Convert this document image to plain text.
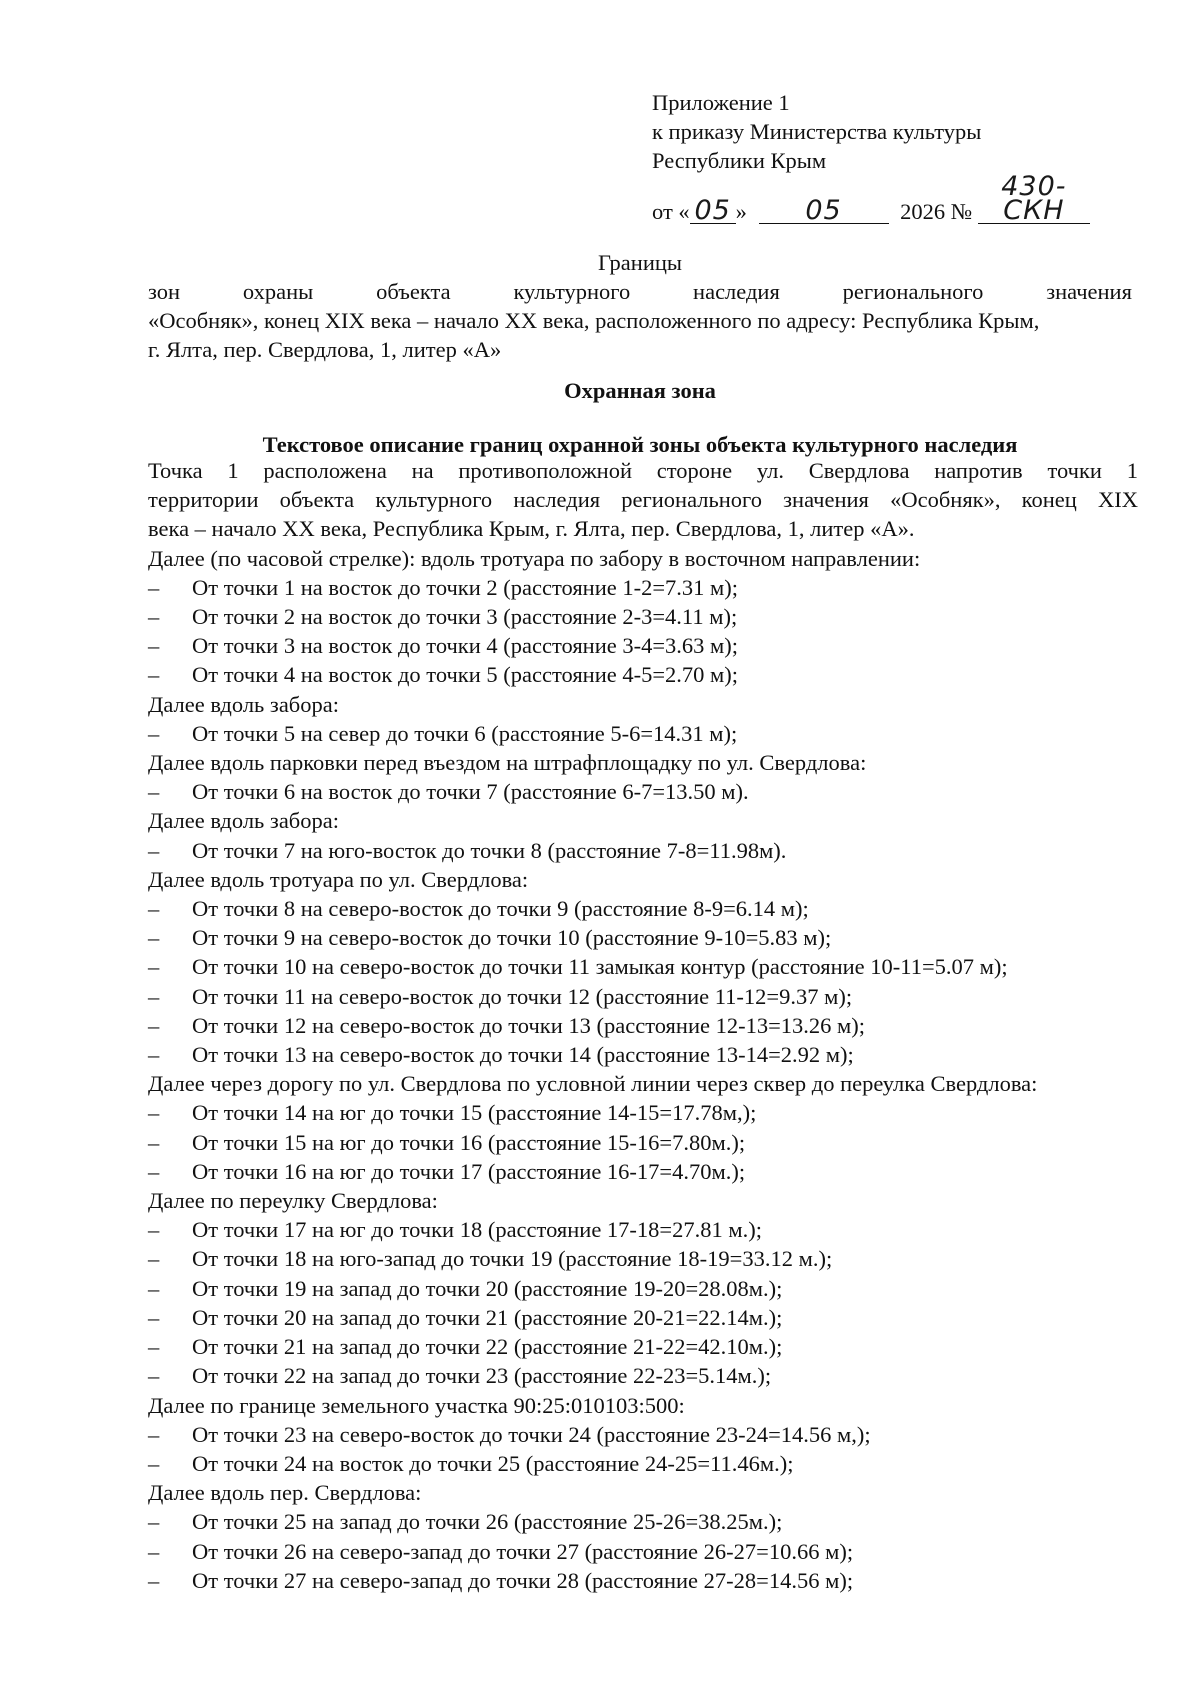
Приложение 1
к приказу Министерства культуры
Республики Крым
от « 05 » 05	2026 № 430-СКН
Границы
зон	охраны	объекта	культурного	наследия	регионального	значения
«Особняк», конец XIX века – начало XX века, расположенного по адресу: Республика Крым,
г. Ялта, пер. Свердлова, 1, литер «А»
Охранная зона
Текстовое описание границ охранной зоны объекта культурного наследия
Точка 1 расположена на противоположной стороне ул. Свердлова напротив точки 1
территории объекта культурного наследия регионального значения «Особняк», конец XIX
века – начало XX века, Республика Крым, г. Ялта, пер. Свердлова, 1, литер «А».
Далее (по часовой стрелке): вдоль тротуара по забору в восточном направлении:
– От точки 1 на восток до точки 2 (расстояние 1-2=7.31 м);
– От точки 2 на восток до точки 3 (расстояние 2-3=4.11 м);
– От точки 3 на восток до точки 4 (расстояние 3-4=3.63 м);
– От точки 4 на восток до точки 5 (расстояние 4-5=2.70 м);
Далее вдоль забора:
– От точки 5 на север до точки 6 (расстояние 5-6=14.31 м);
Далее вдоль парковки перед въездом на штрафплощадку по ул. Свердлова:
– От точки 6 на восток до точки 7 (расстояние 6-7=13.50 м).
Далее вдоль забора:
– От точки 7 на юго-восток до точки 8 (расстояние 7-8=11.98м).
Далее вдоль тротуара по ул. Свердлова:
– От точки 8 на северо-восток до точки 9 (расстояние 8-9=6.14 м);
– От точки 9 на северо-восток до точки 10 (расстояние 9-10=5.83 м);
– От точки 10 на северо-восток до точки 11 замыкая контур (расстояние 10-11=5.07 м);
– От точки 11 на северо-восток до точки 12 (расстояние 11-12=9.37 м);
– От точки 12 на северо-восток до точки 13 (расстояние 12-13=13.26 м);
– От точки 13 на северо-восток до точки 14 (расстояние 13-14=2.92 м);
Далее через дорогу по ул. Свердлова по условной линии через сквер до переулка Свердлова:
– От точки 14 на юг до точки 15 (расстояние 14-15=17.78м,);
– От точки 15 на юг до точки 16 (расстояние 15-16=7.80м.);
– От точки 16 на юг до точки 17 (расстояние 16-17=4.70м.);
Далее по переулку Свердлова:
– От точки 17 на юг до точки 18 (расстояние 17-18=27.81 м.);
– От точки 18 на юго-запад до точки 19 (расстояние 18-19=33.12 м.);
– От точки 19 на запад до точки 20 (расстояние 19-20=28.08м.);
– От точки 20 на запад до точки 21 (расстояние 20-21=22.14м.);
– От точки 21 на запад до точки 22 (расстояние 21-22=42.10м.);
– От точки 22 на запад до точки 23 (расстояние 22-23=5.14м.);
Далее по границе земельного участка 90:25:010103:500:
– От точки 23 на северо-восток до точки 24 (расстояние 23-24=14.56 м,);
– От точки 24 на восток до точки 25 (расстояние 24-25=11.46м.);
Далее вдоль пер. Свердлова:
– От точки 25 на запад до точки 26 (расстояние 25-26=38.25м.);
– От точки 26 на северо-запад до точки 27 (расстояние 26-27=10.66 м);
– От точки 27 на северо-запад до точки 28 (расстояние 27-28=14.56 м);
